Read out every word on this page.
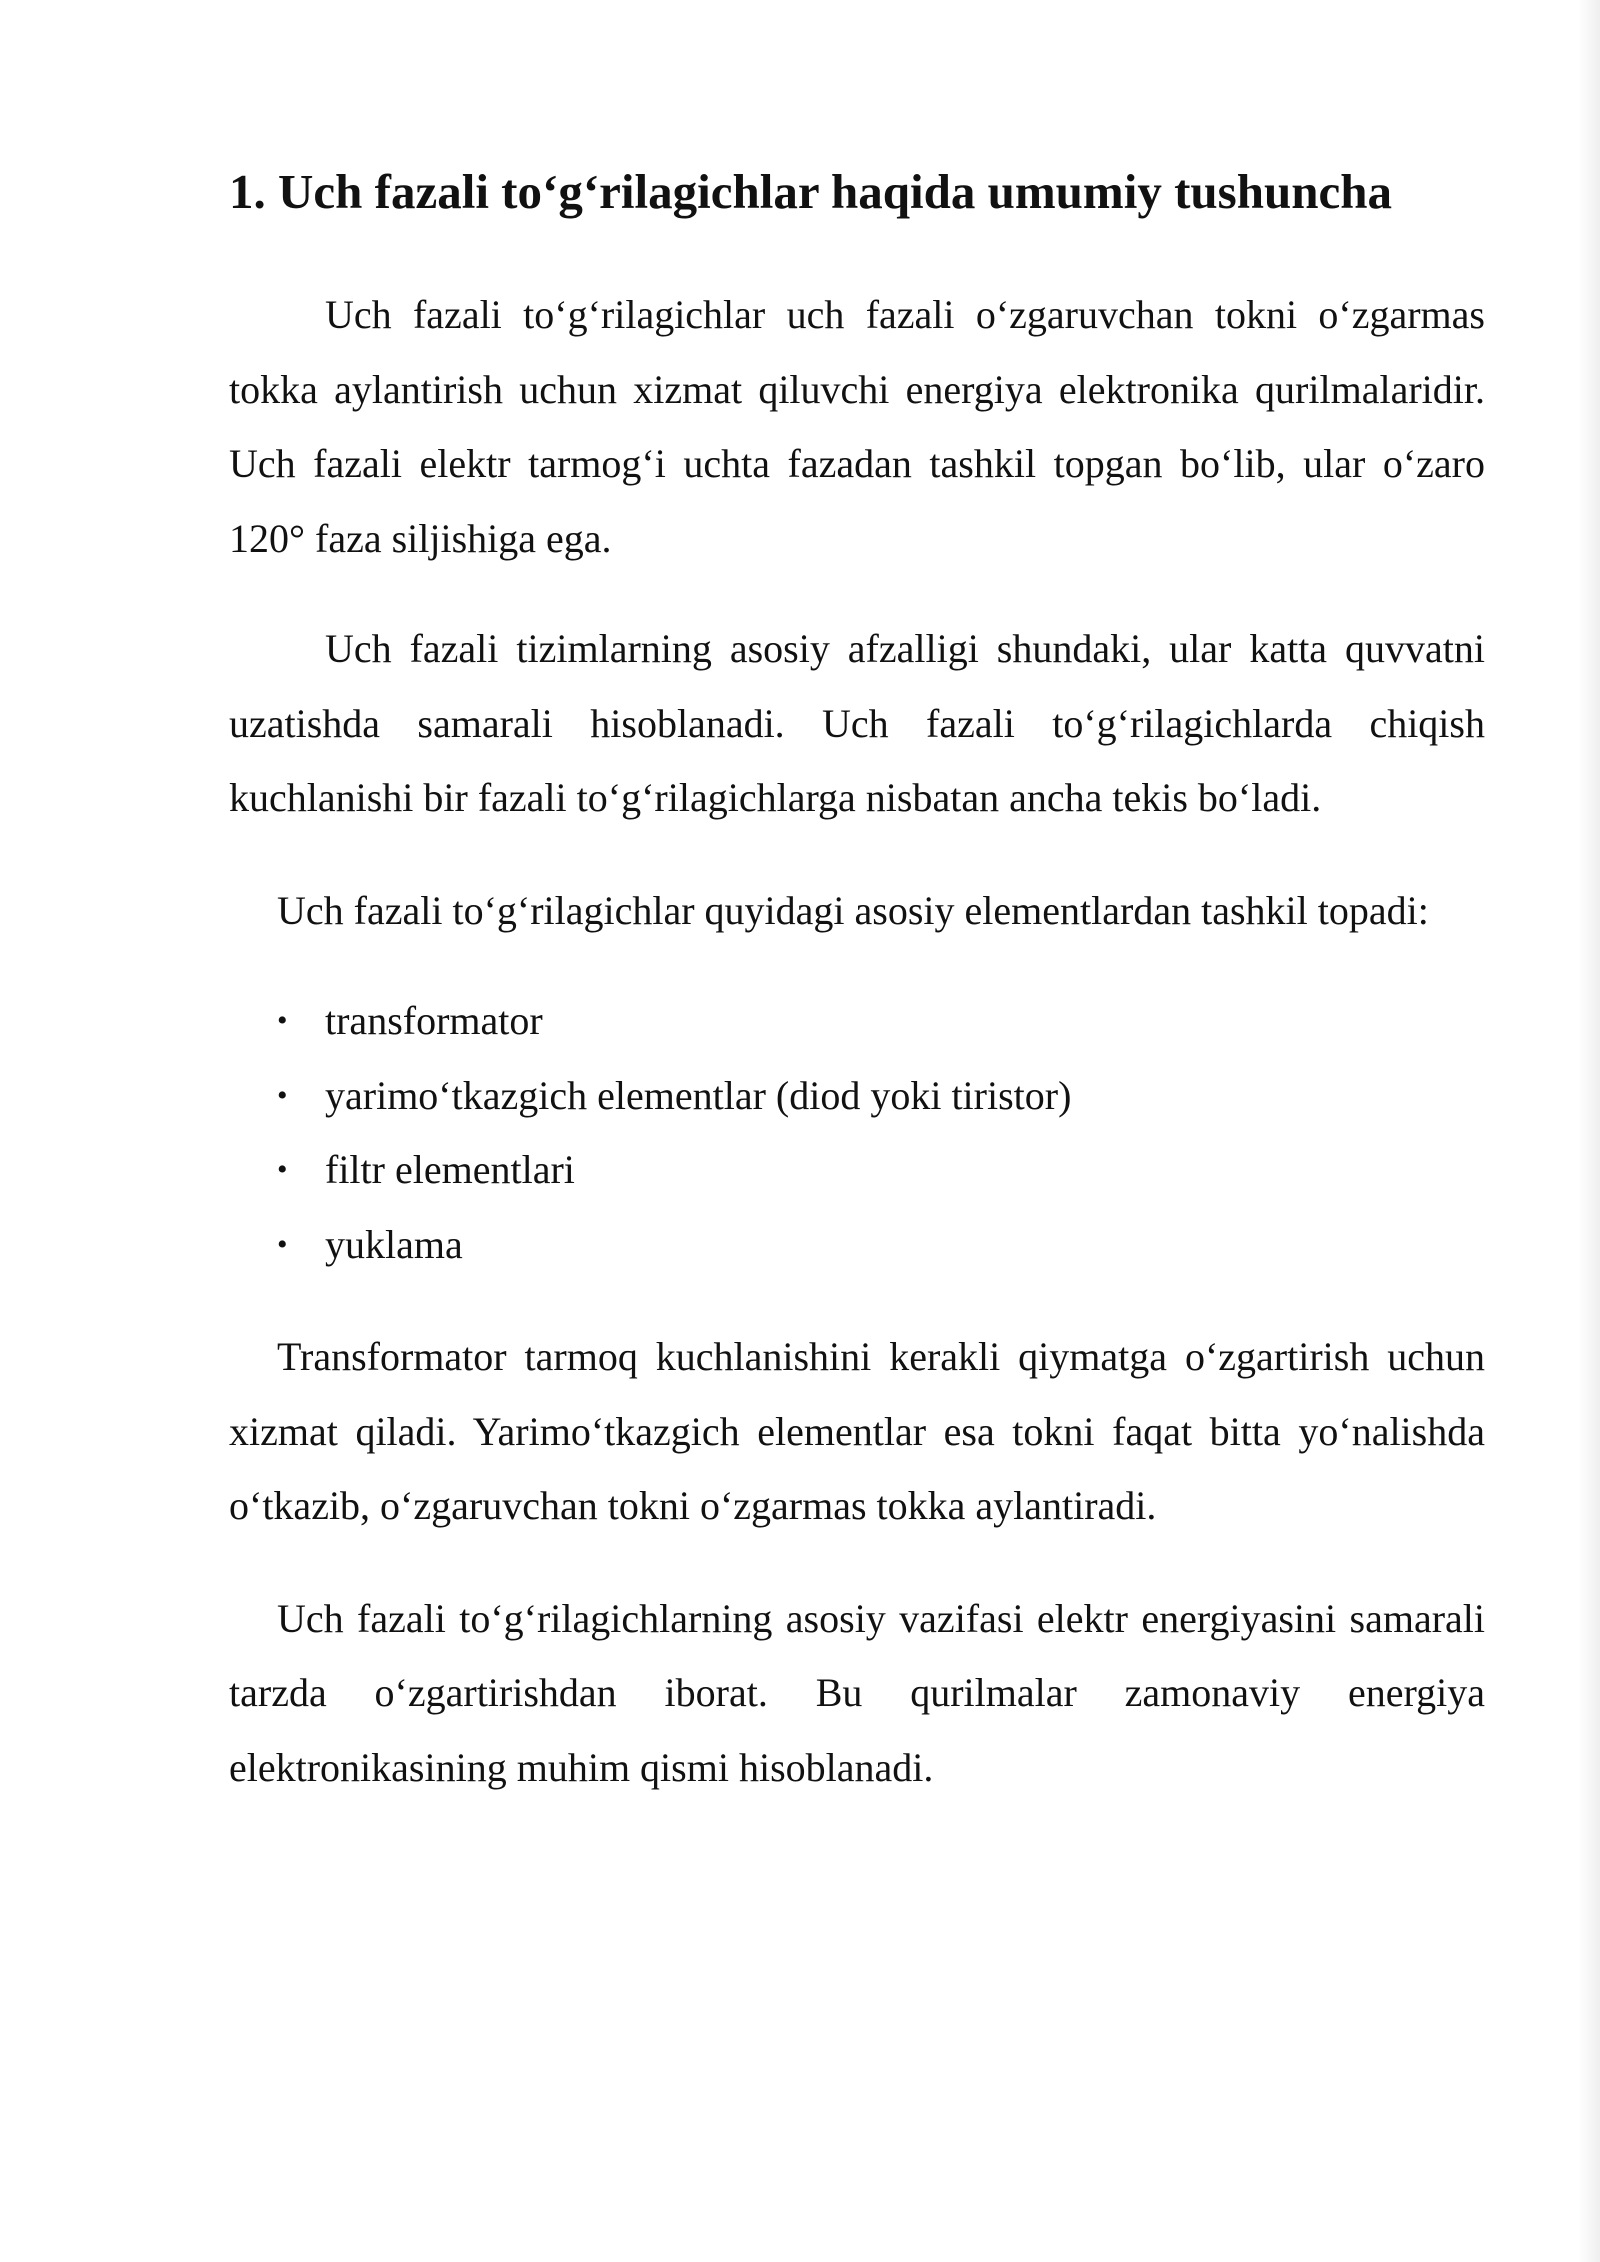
1. Uch fazali to‘g‘rilagichlar haqida umumiy tushuncha

Uch fazali to‘g‘rilagichlar uch fazali o‘zgaruvchan tokni o‘zgarmas tokka aylantirish uchun xizmat qiluvchi energiya elektronika qurilmalaridir. Uch fazali elektr tarmog‘i uchta fazadan tashkil topgan bo‘lib, ular o‘zaro 120° faza siljishiga ega.

Uch fazali tizimlarning asosiy afzalligi shundaki, ular katta quvvatni uzatishda samarali hisoblanadi. Uch fazali to‘g‘rilagichlarda chiqish kuchlanishi bir fazali to‘g‘rilagichlarga nisbatan ancha tekis bo‘ladi.

Uch fazali to‘g‘rilagichlar quyidagi asosiy elementlardan tashkil topadi:

• transformator
• yarimo‘tkazgich elementlar (diod yoki tiristor)
• filtr elementlari
• yuklama

Transformator tarmoq kuchlanishini kerakli qiymatga o‘zgartirish uchun xizmat qiladi. Yarimo‘tkazgich elementlar esa tokni faqat bitta yo‘nalishda o‘tkazib, o‘zgaruvchan tokni o‘zgarmas tokka aylantiradi.

Uch fazali to‘g‘rilagichlarning asosiy vazifasi elektr energiyasini samarali tarzda o‘zgartirishdan iborat. Bu qurilmalar zamonaviy energiya elektronikasining muhim qismi hisoblanadi.
